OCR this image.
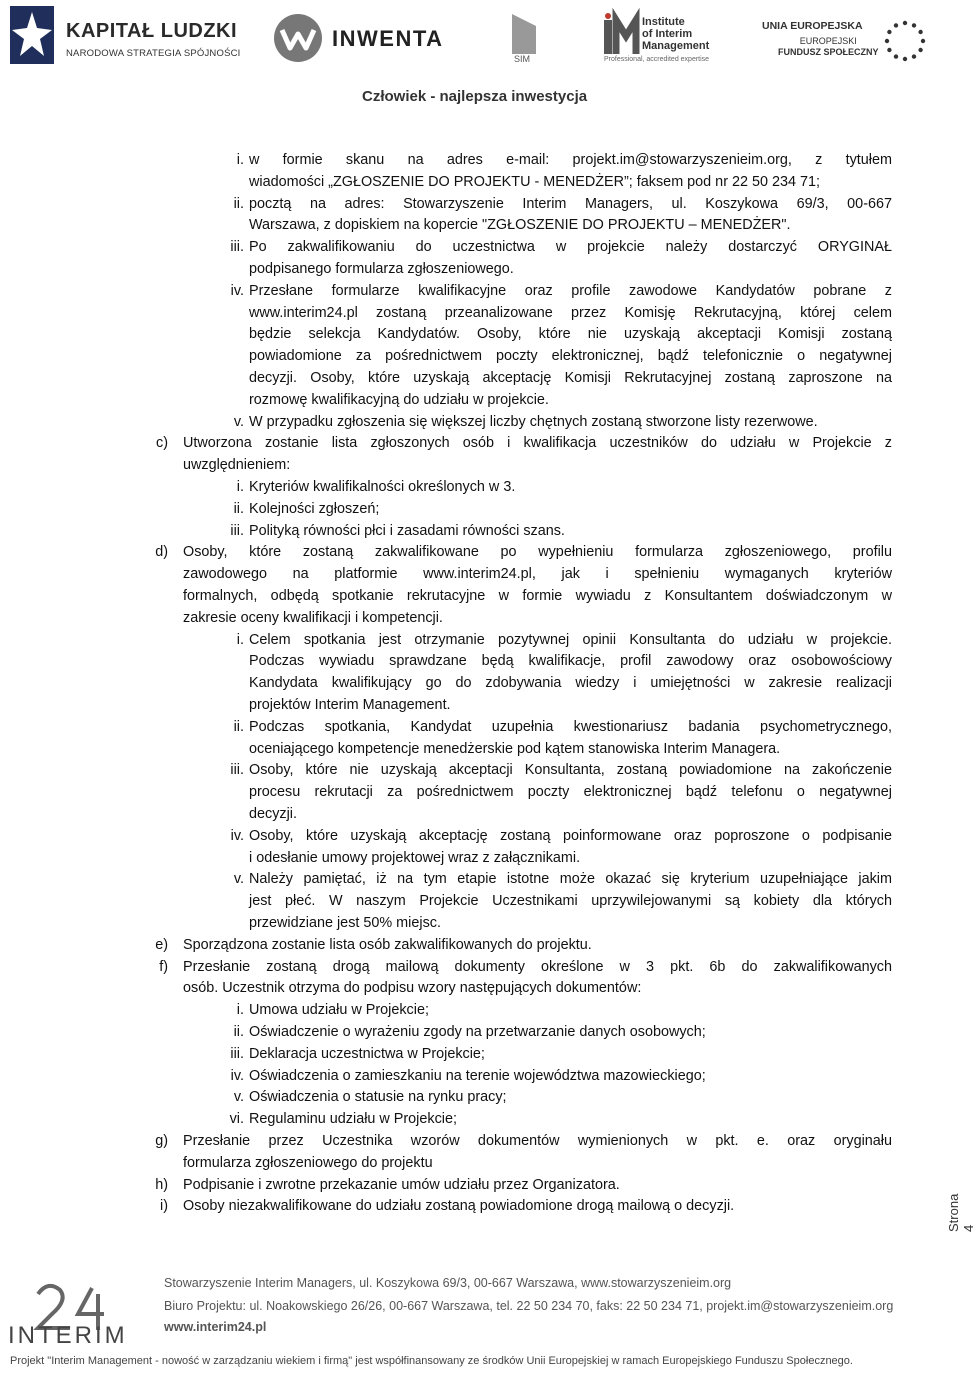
KAPITAŁ LUDZKI
NARODOWA STRATEGIA SPÓJNOŚCI
INWENTA
SIM
Institute
of Interim
Management
Professional, accredited expertise
UNIA EUROPEJSKA
EUROPEJSKI
FUNDUSZ SPOŁECZNY
Człowiek - najlepsza inwestycja
i. w formie skanu na adres e-mail: projekt.im@stowarzyszenieim.org, z tytułem
wiadomości „ZGŁOSZENIE DO PROJEKTU - MENEDŻER”; faksem pod nr 22 50 234 71;
ii. pocztą na adres: Stowarzyszenie Interim Managers, ul. Koszykowa 69/3, 00-667
Warszawa, z dopiskiem na kopercie "ZGŁOSZENIE DO PROJEKTU – MENEDŻER".
iii. Po zakwalifikowaniu do uczestnictwa w projekcie należy dostarczyć ORYGINAŁ
podpisanego formularza zgłoszeniowego.
iv. Przesłane formularze kwalifikacyjne oraz profile zawodowe Kandydatów pobrane z
www.interim24.pl zostaną przeanalizowane przez Komisję Rekrutacyjną, której celem
będzie selekcja Kandydatów. Osoby, które nie uzyskają akceptacji Komisji zostaną
powiadomione za pośrednictwem poczty elektronicznej, bądź telefonicznie o negatywnej
decyzji. Osoby, które uzyskają akceptację Komisji Rekrutacyjnej zostaną zaproszone na
rozmowę kwalifikacyjną do udziału w projekcie.
v. W przypadku zgłoszenia się większej liczby chętnych zostaną stworzone listy rezerwowe.
c) Utworzona zostanie lista zgłoszonych osób i kwalifikacja uczestników do udziału w Projekcie z
uwzględnieniem:
i. Kryteriów kwalifikalności określonych w 3.
ii. Kolejności zgłoszeń;
iii. Polityką równości płci i zasadami równości szans.
d) Osoby, które zostaną zakwalifikowane po wypełnieniu formularza zgłoszeniowego, profilu
zawodowego na platformie www.interim24.pl, jak i spełnieniu wymaganych kryteriów
formalnych, odbędą spotkanie rekrutacyjne w formie wywiadu z Konsultantem doświadczonym w
zakresie oceny kwalifikacji i kompetencji.
i. Celem spotkania jest otrzymanie pozytywnej opinii Konsultanta do udziału w projekcie.
Podczas wywiadu sprawdzane będą kwalifikacje, profil zawodowy oraz osobowościowy
Kandydata kwalifikujący go do zdobywania wiedzy i umiejętności w zakresie realizacji
projektów Interim Management.
ii. Podczas spotkania, Kandydat uzupełnia kwestionariusz badania psychometrycznego,
oceniającego kompetencje menedżerskie pod kątem stanowiska Interim Managera.
iii. Osoby, które nie uzyskają akceptacji Konsultanta, zostaną powiadomione na zakończenie
procesu rekrutacji za pośrednictwem poczty elektronicznej bądź telefonu o negatywnej
decyzji.
iv. Osoby, które uzyskają akceptację zostaną poinformowane oraz poproszone o podpisanie
i odesłanie umowy projektowej wraz z załącznikami.
v. Należy pamiętać, iż na tym etapie istotne może okazać się kryterium uzupełniające jakim
jest płeć. W naszym Projekcie Uczestnikami uprzywilejowanymi są kobiety dla których
przewidziane jest 50% miejsc.
e) Sporządzona zostanie lista osób zakwalifikowanych do projektu.
f) Przesłanie zostaną drogą mailową dokumenty określone w 3 pkt. 6b do zakwalifikowanych
osób. Uczestnik otrzyma do podpisu wzory następujących dokumentów:
i. Umowa udziału w Projekcie;
ii. Oświadczenie o wyrażeniu zgody na przetwarzanie danych osobowych;
iii. Deklaracja uczestnictwa w Projekcie;
iv. Oświadczenia o zamieszkaniu na terenie województwa mazowieckiego;
v. Oświadczenia o statusie na rynku pracy;
vi. Regulaminu udziału w Projekcie;
g) Przesłanie przez Uczestnika wzorów dokumentów wymienionych w pkt. e. oraz oryginału
formularza zgłoszeniowego do projektu
h) Podpisanie i zwrotne przekazanie umów udziału przez Organizatora.
i) Osoby niezakwalifikowane do udziału zostaną powiadomione drogą mailową o decyzji.	Strona 4
INTERIM
Stowarzyszenie Interim Managers, ul. Koszykowa 69/3, 00-667 Warszawa, www.stowarzyszenieim.org
Biuro Projektu: ul. Noakowskiego 26/26, 00-667 Warszawa, tel. 22 50 234 70, faks: 22 50 234 71, projekt.im@stowarzyszenieim.org
www.interim24.pl
Projekt "Interim Management - nowość w zarządzaniu wiekiem i firmą" jest współfinansowany ze środków Unii Europejskiej w ramach Europejskiego Funduszu Społecznego.
